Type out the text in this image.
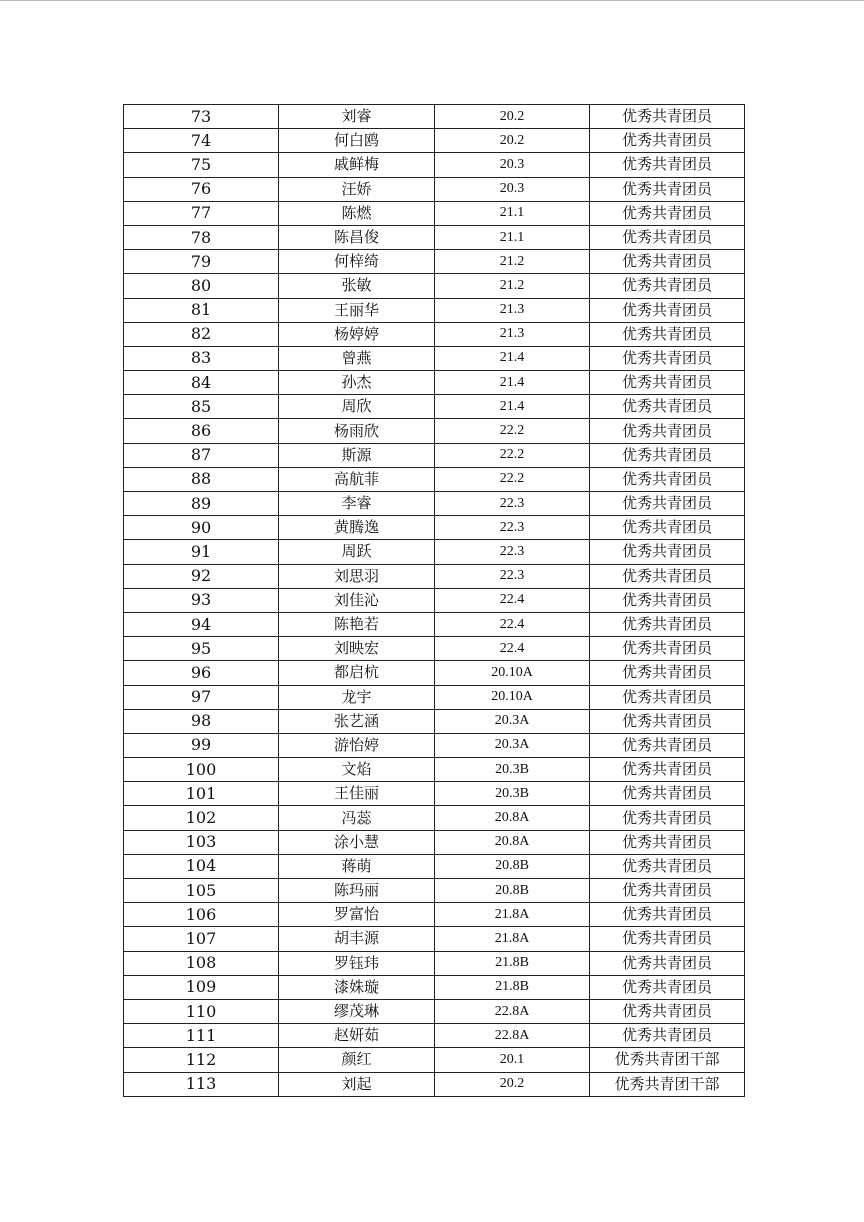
73	刘睿	20.2	优秀共青团员
74	何白鸥	20.2	优秀共青团员
75	戚鲜梅	20.3	优秀共青团员
76	汪娇	20.3	优秀共青团员
77	陈燃	21.1	优秀共青团员
78	陈昌俊	21.1	优秀共青团员
79	何梓绮	21.2	优秀共青团员
80	张敏	21.2	优秀共青团员
81	王丽华	21.3	优秀共青团员
82	杨婷婷	21.3	优秀共青团员
83	曾燕	21.4	优秀共青团员
84	孙杰	21.4	优秀共青团员
85	周欣	21.4	优秀共青团员
86	杨雨欣	22.2	优秀共青团员
87	斯源	22.2	优秀共青团员
88	高航菲	22.2	优秀共青团员
89	李睿	22.3	优秀共青团员
90	黄腾逸	22.3	优秀共青团员
91	周跃	22.3	优秀共青团员
92	刘思羽	22.3	优秀共青团员
93	刘佳沁	22.4	优秀共青团员
94	陈艳若	22.4	优秀共青团员
95	刘映宏	22.4	优秀共青团员
96	都启杭	20.10A	优秀共青团员
97	龙宇	20.10A	优秀共青团员
98	张艺涵	20.3A	优秀共青团员
99	游怡婷	20.3A	优秀共青团员
100	文焰	20.3B	优秀共青团员
101	王佳丽	20.3B	优秀共青团员
102	冯蕊	20.8A	优秀共青团员
103	涂小慧	20.8A	优秀共青团员
104	蒋萌	20.8B	优秀共青团员
105	陈玛丽	20.8B	优秀共青团员
106	罗富怡	21.8A	优秀共青团员
107	胡丰源	21.8A	优秀共青团员
108	罗钰玮	21.8B	优秀共青团员
109	漆姝璇	21.8B	优秀共青团员
110	缪茂琳	22.8A	优秀共青团员
111	赵妍茹	22.8A	优秀共青团员
112	颜红	20.1	优秀共青团干部
113	刘起	20.2	优秀共青团干部
